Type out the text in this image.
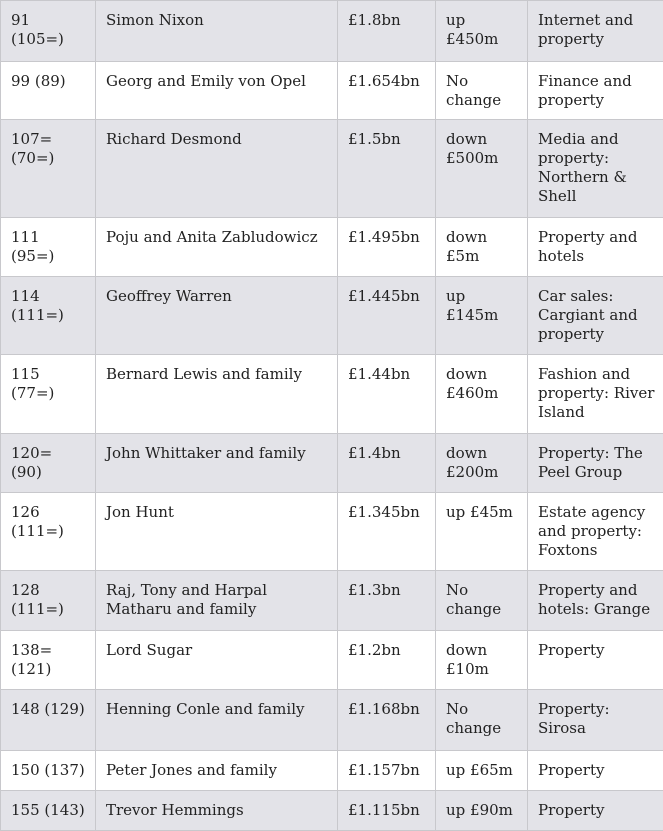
91 (105=)	Simon Nixon	£1.8bn	up £450m	Internet and property
99 (89)	Georg and Emily von Opel	£1.654bn	No change	Finance and property
107= (70=)	Richard Desmond	£1.5bn	down £500m	Media and property: Northern & Shell
111 (95=)	Poju and Anita Zabludowicz	£1.495bn	down £5m	Property and hotels
114 (111=)	Geoffrey Warren	£1.445bn	up £145m	Car sales: Cargiant and property
115 (77=)	Bernard Lewis and family	£1.44bn	down £460m	Fashion and property: River Island
120= (90)	John Whittaker and family	£1.4bn	down £200m	Property: The Peel Group
126 (111=)	Jon Hunt	£1.345bn	up £45m	Estate agency and property: Foxtons
128 (111=)	Raj, Tony and Harpal Matharu and family	£1.3bn	No change	Property and hotels: Grange
138= (121)	Lord Sugar	£1.2bn	down £10m	Property
148 (129)	Henning Conle and family	£1.168bn	No change	Property: Sirosa
150 (137)	Peter Jones and family	£1.157bn	up £65m	Property
155 (143)	Trevor Hemmings	£1.115bn	up £90m	Property
